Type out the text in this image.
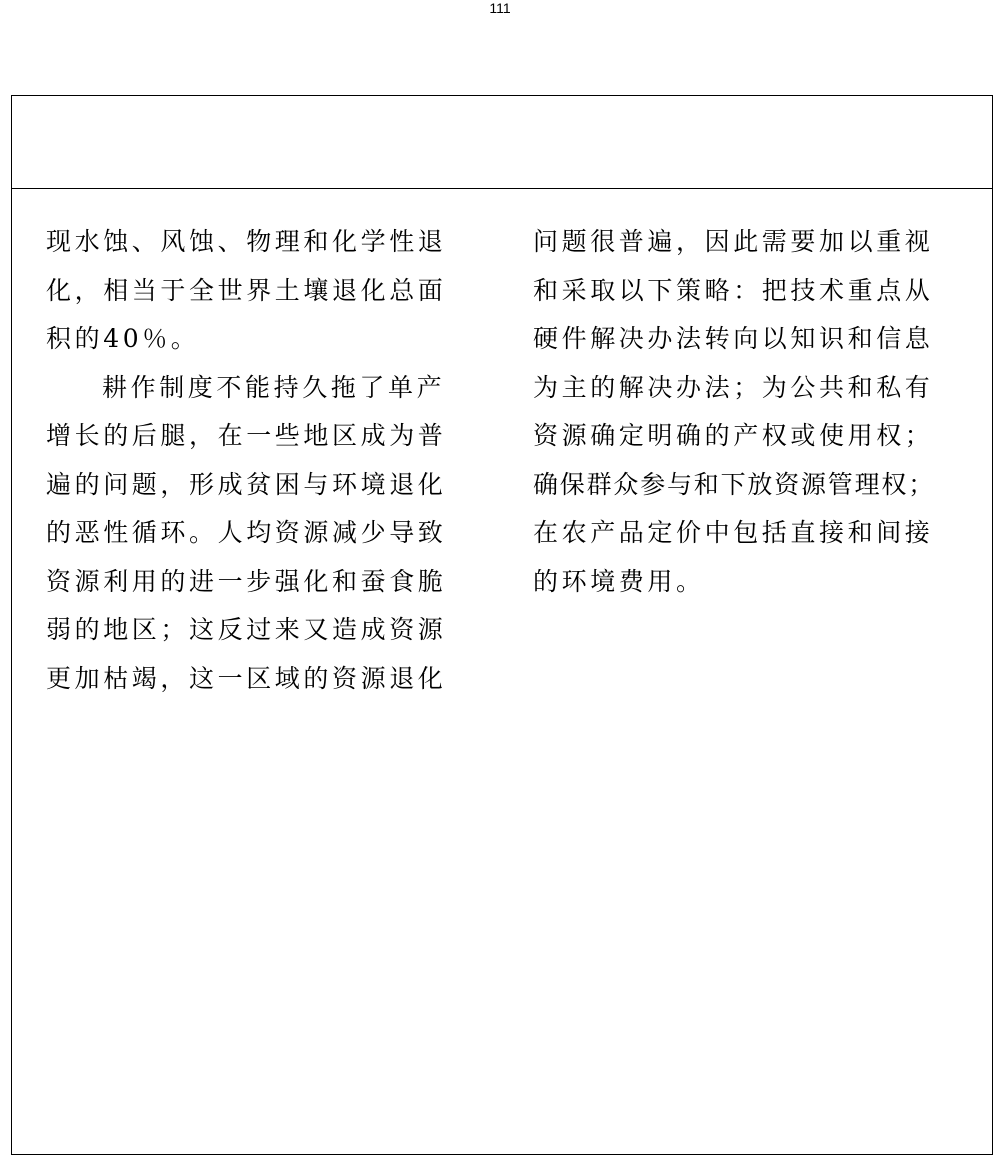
111
现水蚀、风蚀、物理和化学性退
化，相当于全世界土壤退化总面
积的40％。
耕作制度不能持久拖了单产
增长的后腿，在一些地区成为普
遍的问题，形成贫困与环境退化
的恶性循环。人均资源减少导致
资源利用的进一步强化和蚕食脆
弱的地区；这反过来又造成资源
更加枯竭，这一区域的资源退化
问题很普遍，因此需要加以重视
和采取以下策略：把技术重点从
硬件解决办法转向以知识和信息
为主的解决办法；为公共和私有
资源确定明确的产权或使用权；
确保群众参与和下放资源管理权；
在农产品定价中包括直接和间接
的环境费用。
